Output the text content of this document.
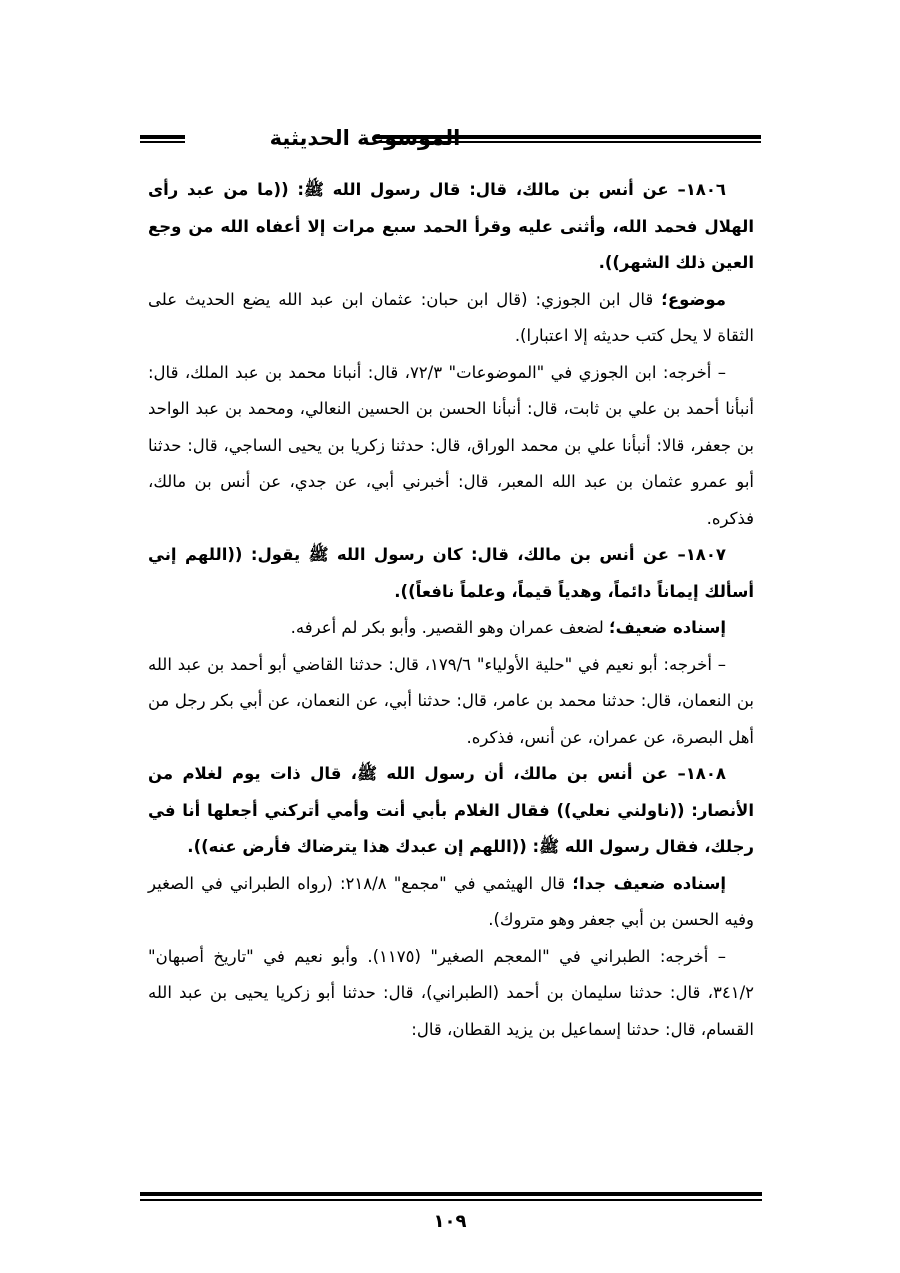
الموسوعة الحديثية

١٨٠٦– عن أنس بن مالك، قال: قال رسول الله ﷺ: ((ما من عبد رأى الهلال فحمد الله، وأثنى عليه وقرأ الحمد سبع مرات إلا أعفاه الله من وجع العين ذلك الشهر)).

موضوع؛ قال ابن الجوزي: (قال ابن حبان: عثمان ابن عبد الله يضع الحديث على الثقاة لا يحل كتب حديثه إلا اعتبارا).

– أخرجه: ابن الجوزي في "الموضوعات" ٧٢/٣، قال: أنبانا محمد بن عبد الملك، قال: أنبأنا أحمد بن علي بن ثابت، قال: أنبأنا الحسن بن الحسين النعالي، ومحمد بن عبد الواحد بن جعفر، قالا: أنبأنا علي بن محمد الوراق، قال: حدثنا زكريا بن يحيى الساجي، قال: حدثنا أبو عمرو عثمان بن عبد الله المعبر، قال: أخبرني أبي، عن جدي، عن أنس بن مالك، فذكره.

١٨٠٧– عن أنس بن مالك، قال: كان رسول الله ﷺ يقول: ((اللهم إني أسألك إيماناً دائماً، وهدياً قيماً، وعلماً نافعاً)).

إسناده ضعيف؛ لضعف عمران وهو القصير. وأبو بكر لم أعرفه.

– أخرجه: أبو نعيم في "حلية الأولياء" ١٧٩/٦، قال: حدثنا القاضي أبو أحمد بن عبد الله بن النعمان، قال: حدثنا محمد بن عامر، قال: حدثنا أبي، عن النعمان، عن أبي بكر رجل من أهل البصرة، عن عمران، عن أنس، فذكره.

١٨٠٨– عن أنس بن مالك، أن رسول الله ﷺ، قال ذات يوم لغلام من الأنصار: ((ناولني نعلي)) فقال الغلام بأبي أنت وأمي أتركني أجعلها أنا في رجلك، فقال رسول الله ﷺ: ((اللهم إن عبدك هذا يترضاك فأرض عنه)).

إسناده ضعيف جدا؛ قال الهيثمي في "مجمع" ٢١٨/٨: (رواه الطبراني في الصغير وفيه الحسن بن أبي جعفر وهو متروك).

– أخرجه: الطبراني في "المعجم الصغير" (١١٧٥). وأبو نعيم في "تاريخ أصبهان" ٣٤١/٢، قال: حدثنا سليمان بن أحمد (الطبراني)، قال: حدثنا أبو زكريا يحيى بن عبد الله القسام، قال: حدثنا إسماعيل بن يزيد القطان، قال:

١٠٩
